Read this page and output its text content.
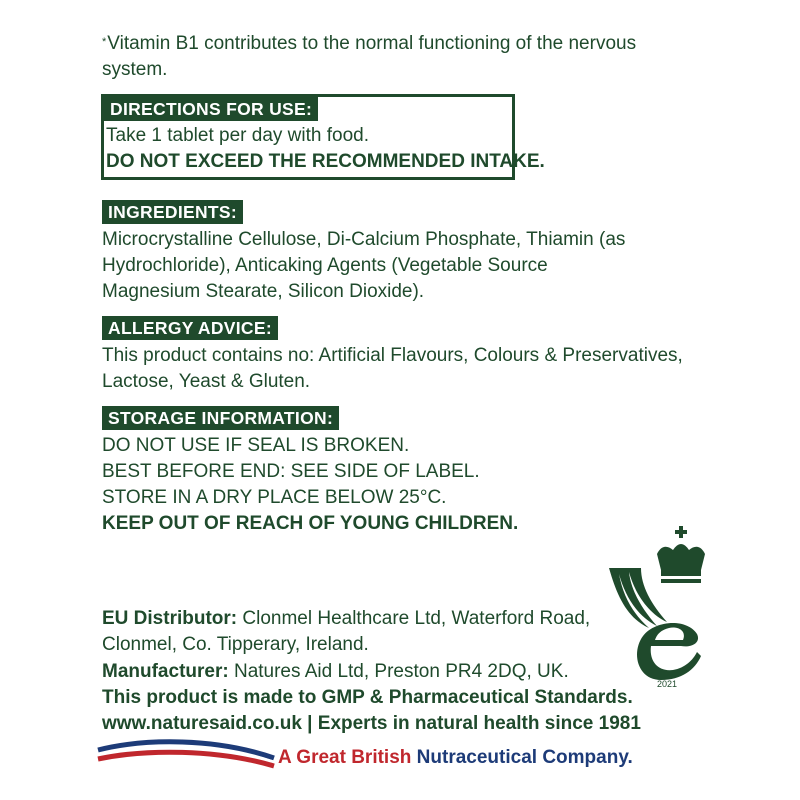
*Vitamin B1 contributes to the normal functioning of the nervous
system.
DIRECTIONS FOR USE:
Take 1 tablet per day with food.
DO NOT EXCEED THE RECOMMENDED INTAKE.
INGREDIENTS:
Microcrystalline Cellulose, Di-Calcium Phosphate, Thiamin (as
Hydrochloride), Anticaking Agents (Vegetable Source
Magnesium Stearate, Silicon Dioxide).
ALLERGY ADVICE:
This product contains no: Artificial Flavours, Colours & Preservatives,
Lactose, Yeast & Gluten.
STORAGE INFORMATION:
DO NOT USE IF SEAL IS BROKEN.
BEST BEFORE END: SEE SIDE OF LABEL.
STORE IN A DRY PLACE BELOW 25°C.
KEEP OUT OF REACH OF YOUNG CHILDREN.
EU Distributor: Clonmel Healthcare Ltd, Waterford Road,
Clonmel, Co. Tipperary, Ireland.
Manufacturer: Natures Aid Ltd, Preston PR4 2DQ, UK.
This product is made to GMP & Pharmaceutical Standards.
www.naturesaid.co.uk | Experts in natural health since 1981
A Great British Nutraceutical Company.
2021
